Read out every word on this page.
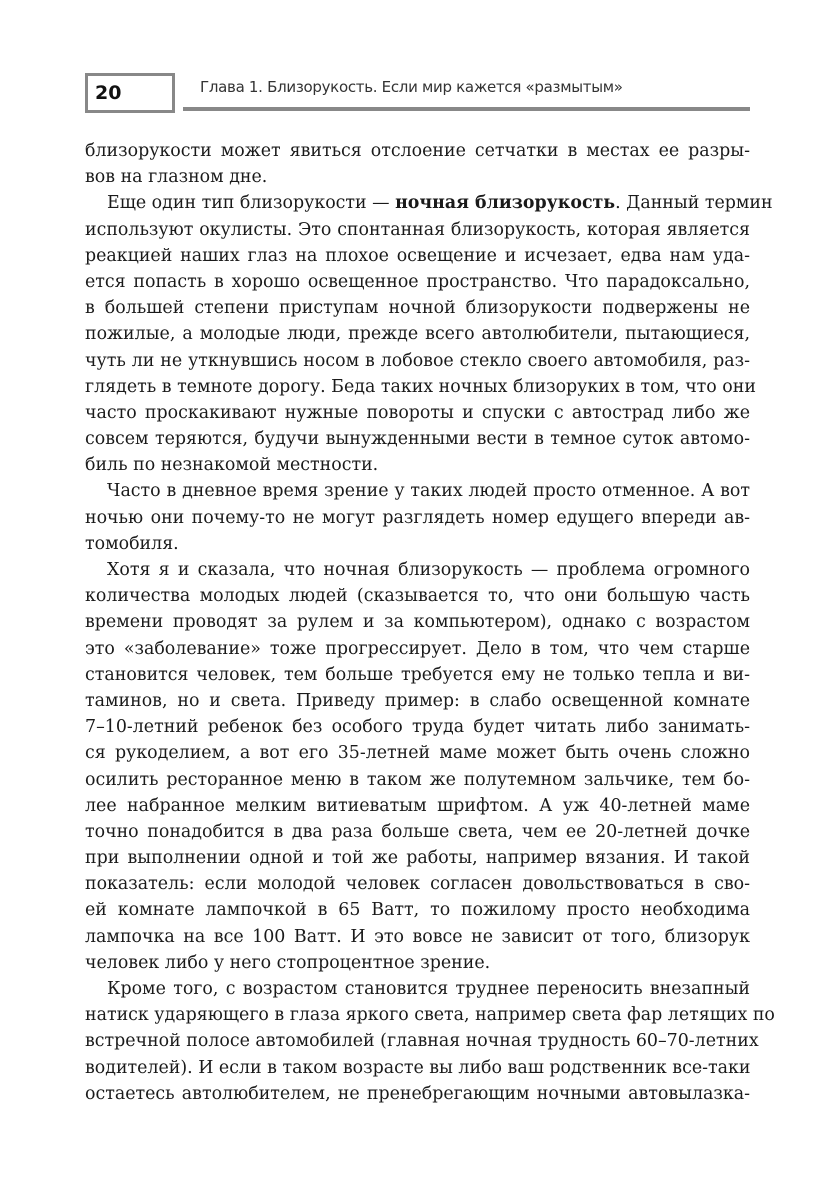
20	Глава 1. Близорукость. Если мир кажется «размытым»
близорукости может явиться отслоение сетчатки в местах ее разры-
вов на глазном дне.
Еще один тип близорукости — ночная близорукость. Данный термин
используют окулисты. Это спонтанная близорукость, которая является
реакцией наших глаз на плохое освещение и исчезает, едва нам уда-
ется попасть в хорошо освещенное пространство. Что парадоксально,
в большей степени приступам ночной близорукости подвержены не
пожилые, а молодые люди, прежде всего автолюбители, пытающиеся,
чуть ли не уткнувшись носом в лобовое стекло своего автомобиля, раз-
глядеть в темноте дорогу. Беда таких ночных близоруких в том, что они
часто проскакивают нужные повороты и спуски с автострад либо же
совсем теряются, будучи вынужденными вести в темное суток автомо-
биль по незнакомой местности.
Часто в дневное время зрение у таких людей просто отменное. А вот
ночью они почему-то не могут разглядеть номер едущего впереди ав-
томобиля.
Хотя я и сказала, что ночная близорукость — проблема огромного
количества молодых людей (сказывается то, что они большую часть
времени проводят за рулем и за компьютером), однако с возрастом
это «заболевание» тоже прогрессирует. Дело в том, что чем старше
становится человек, тем больше требуется ему не только тепла и ви-
таминов, но и света. Приведу пример: в слабо освещенной комнате
7–10-летний ребенок без особого труда будет читать либо занимать-
ся рукоделием, а вот его 35-летней маме может быть очень сложно
осилить ресторанное меню в таком же полутемном зальчике, тем бо-
лее набранное мелким витиеватым шрифтом. А уж 40-летней маме
точно понадобится в два раза больше света, чем ее 20-летней дочке
при выполнении одной и той же работы, например вязания. И такой
показатель: если молодой человек согласен довольствоваться в сво-
ей комнате лампочкой в 65 Ватт, то пожилому просто необходима
лампочка на все 100 Ватт. И это вовсе не зависит от того, близорук
человек либо у него стопроцентное зрение.
Кроме того, с возрастом становится труднее переносить внезапный
натиск ударяющего в глаза яркого света, например света фар летящих по
встречной полосе автомобилей (главная ночная трудность 60–70-летних
водителей). И если в таком возрасте вы либо ваш родственник все-таки
остаетесь автолюбителем, не пренебрегающим ночными автовылазка-
